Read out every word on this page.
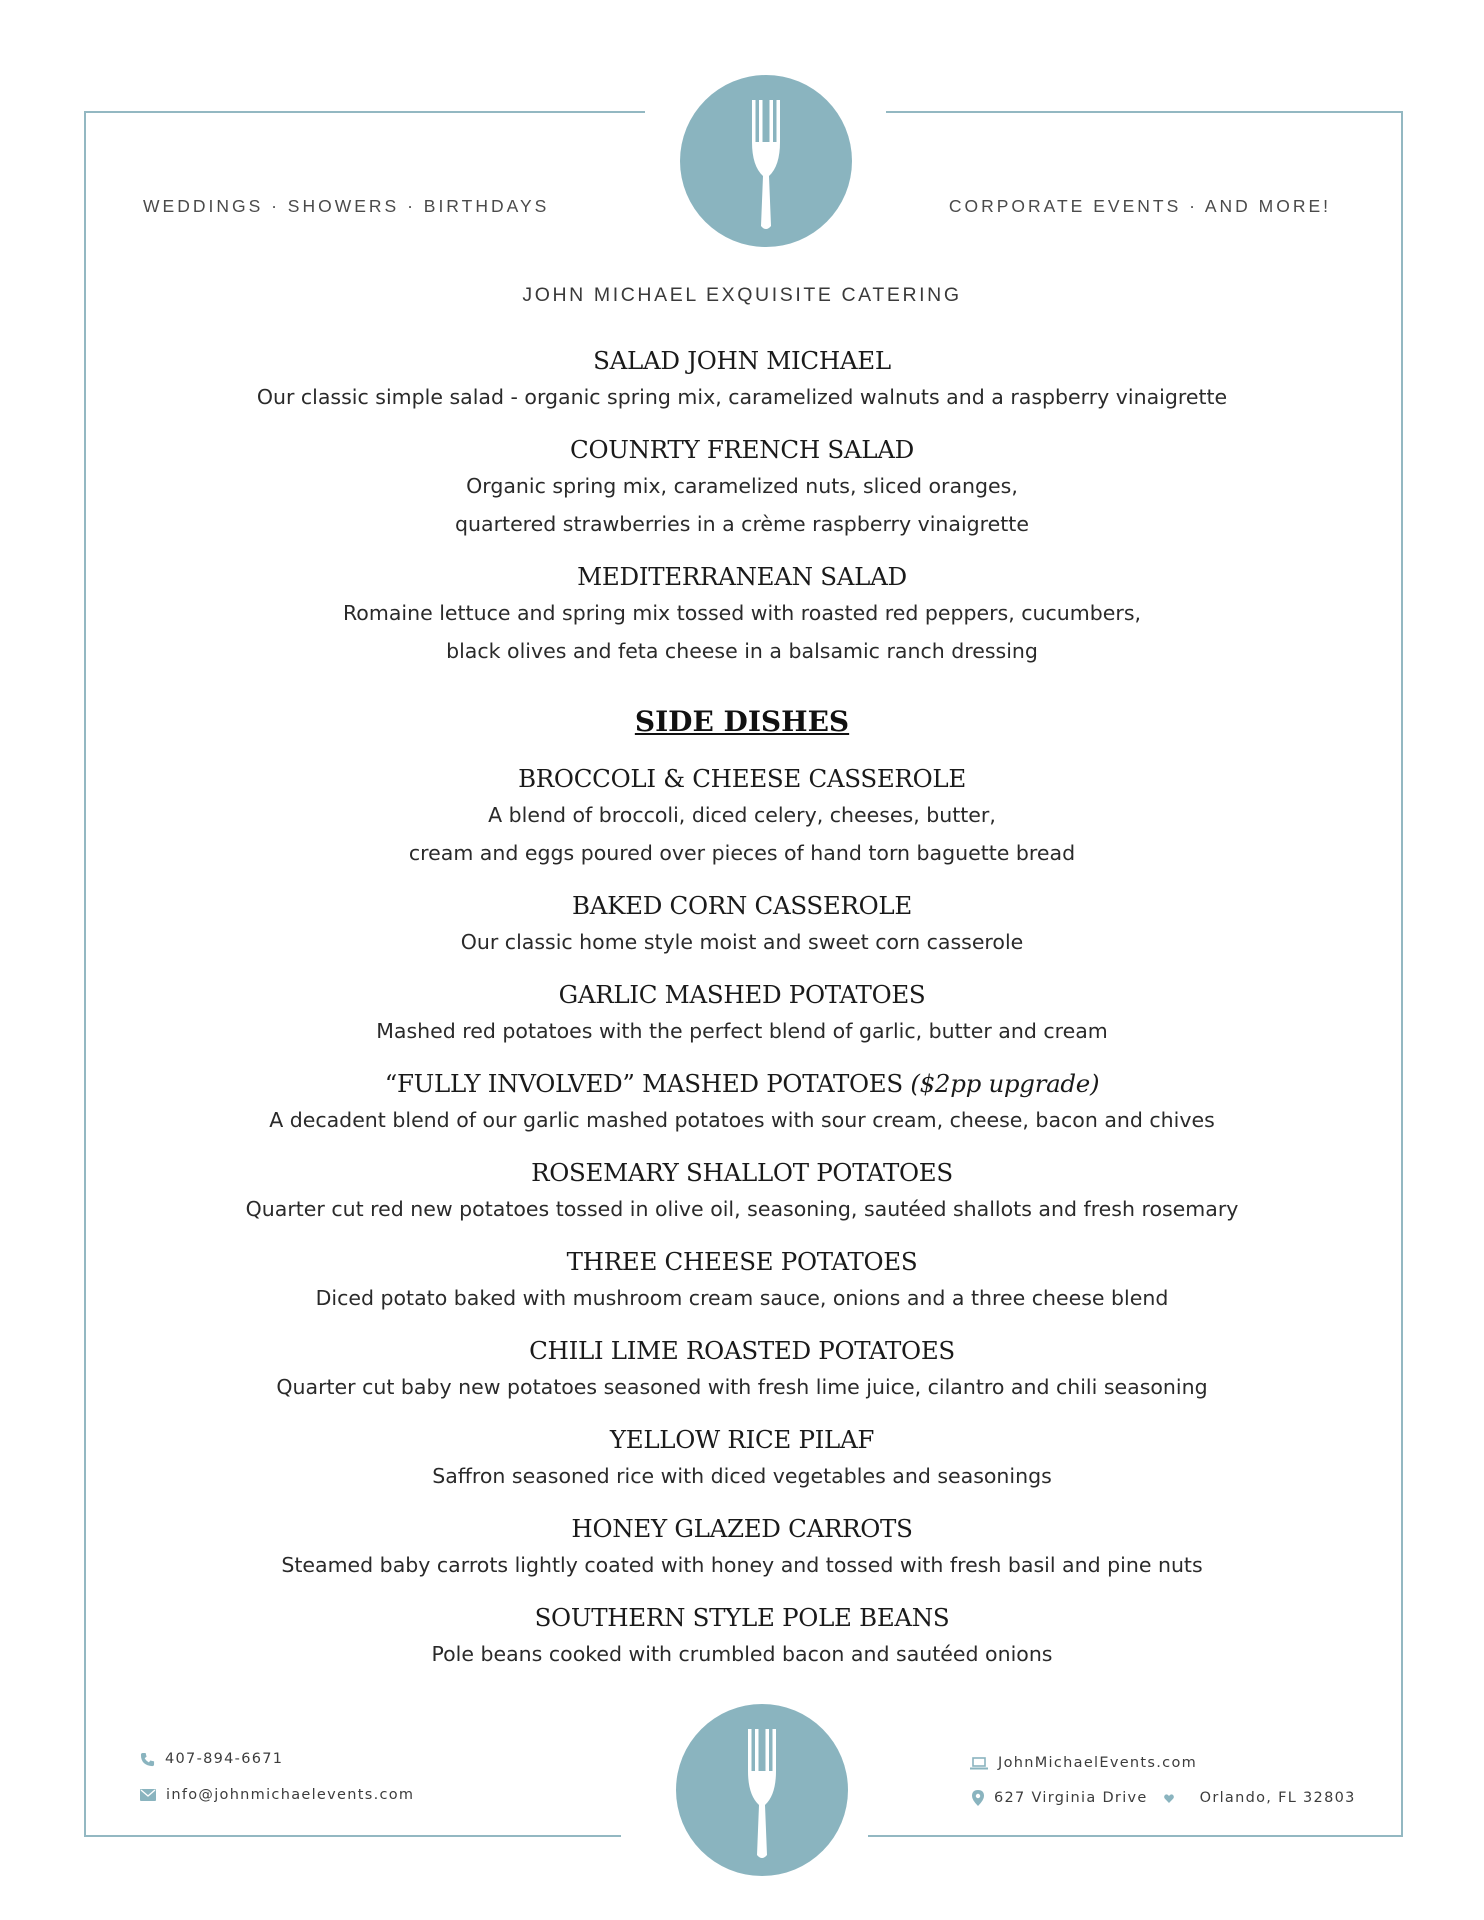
WEDDINGS · SHOWERS · BIRTHDAYS	CORPORATE EVENTS · AND MORE!
JOHN MICHAEL EXQUISITE CATERING
SALAD JOHN MICHAEL
Our classic simple salad - organic spring mix, caramelized walnuts and a raspberry vinaigrette
COUNRTY FRENCH SALAD
Organic spring mix, caramelized nuts, sliced oranges,
quartered strawberries in a crème raspberry vinaigrette
MEDITERRANEAN SALAD
Romaine lettuce and spring mix tossed with roasted red peppers, cucumbers,
black olives and feta cheese in a balsamic ranch dressing
SIDE DISHES
BROCCOLI & CHEESE CASSEROLE
A blend of broccoli, diced celery, cheeses, butter,
cream and eggs poured over pieces of hand torn baguette bread
BAKED CORN CASSEROLE
Our classic home style moist and sweet corn casserole
GARLIC MASHED POTATOES
Mashed red potatoes with the perfect blend of garlic, butter and cream
“FULLY INVOLVED” MASHED POTATOES ($2pp upgrade)
A decadent blend of our garlic mashed potatoes with sour cream, cheese, bacon and chives
ROSEMARY SHALLOT POTATOES
Quarter cut red new potatoes tossed in olive oil, seasoning, sautéed shallots and fresh rosemary
THREE CHEESE POTATOES
Diced potato baked with mushroom cream sauce, onions and a three cheese blend
CHILI LIME ROASTED POTATOES
Quarter cut baby new potatoes seasoned with fresh lime juice, cilantro and chili seasoning
YELLOW RICE PILAF
Saffron seasoned rice with diced vegetables and seasonings
HONEY GLAZED CARROTS
Steamed baby carrots lightly coated with honey and tossed with fresh basil and pine nuts
SOUTHERN STYLE POLE BEANS
Pole beans cooked with crumbled bacon and sautéed onions
407-894-6671
info@johnmichaelevents.com
JohnMichaelEvents.com
627 Virginia Drive	Orlando, FL 32803
